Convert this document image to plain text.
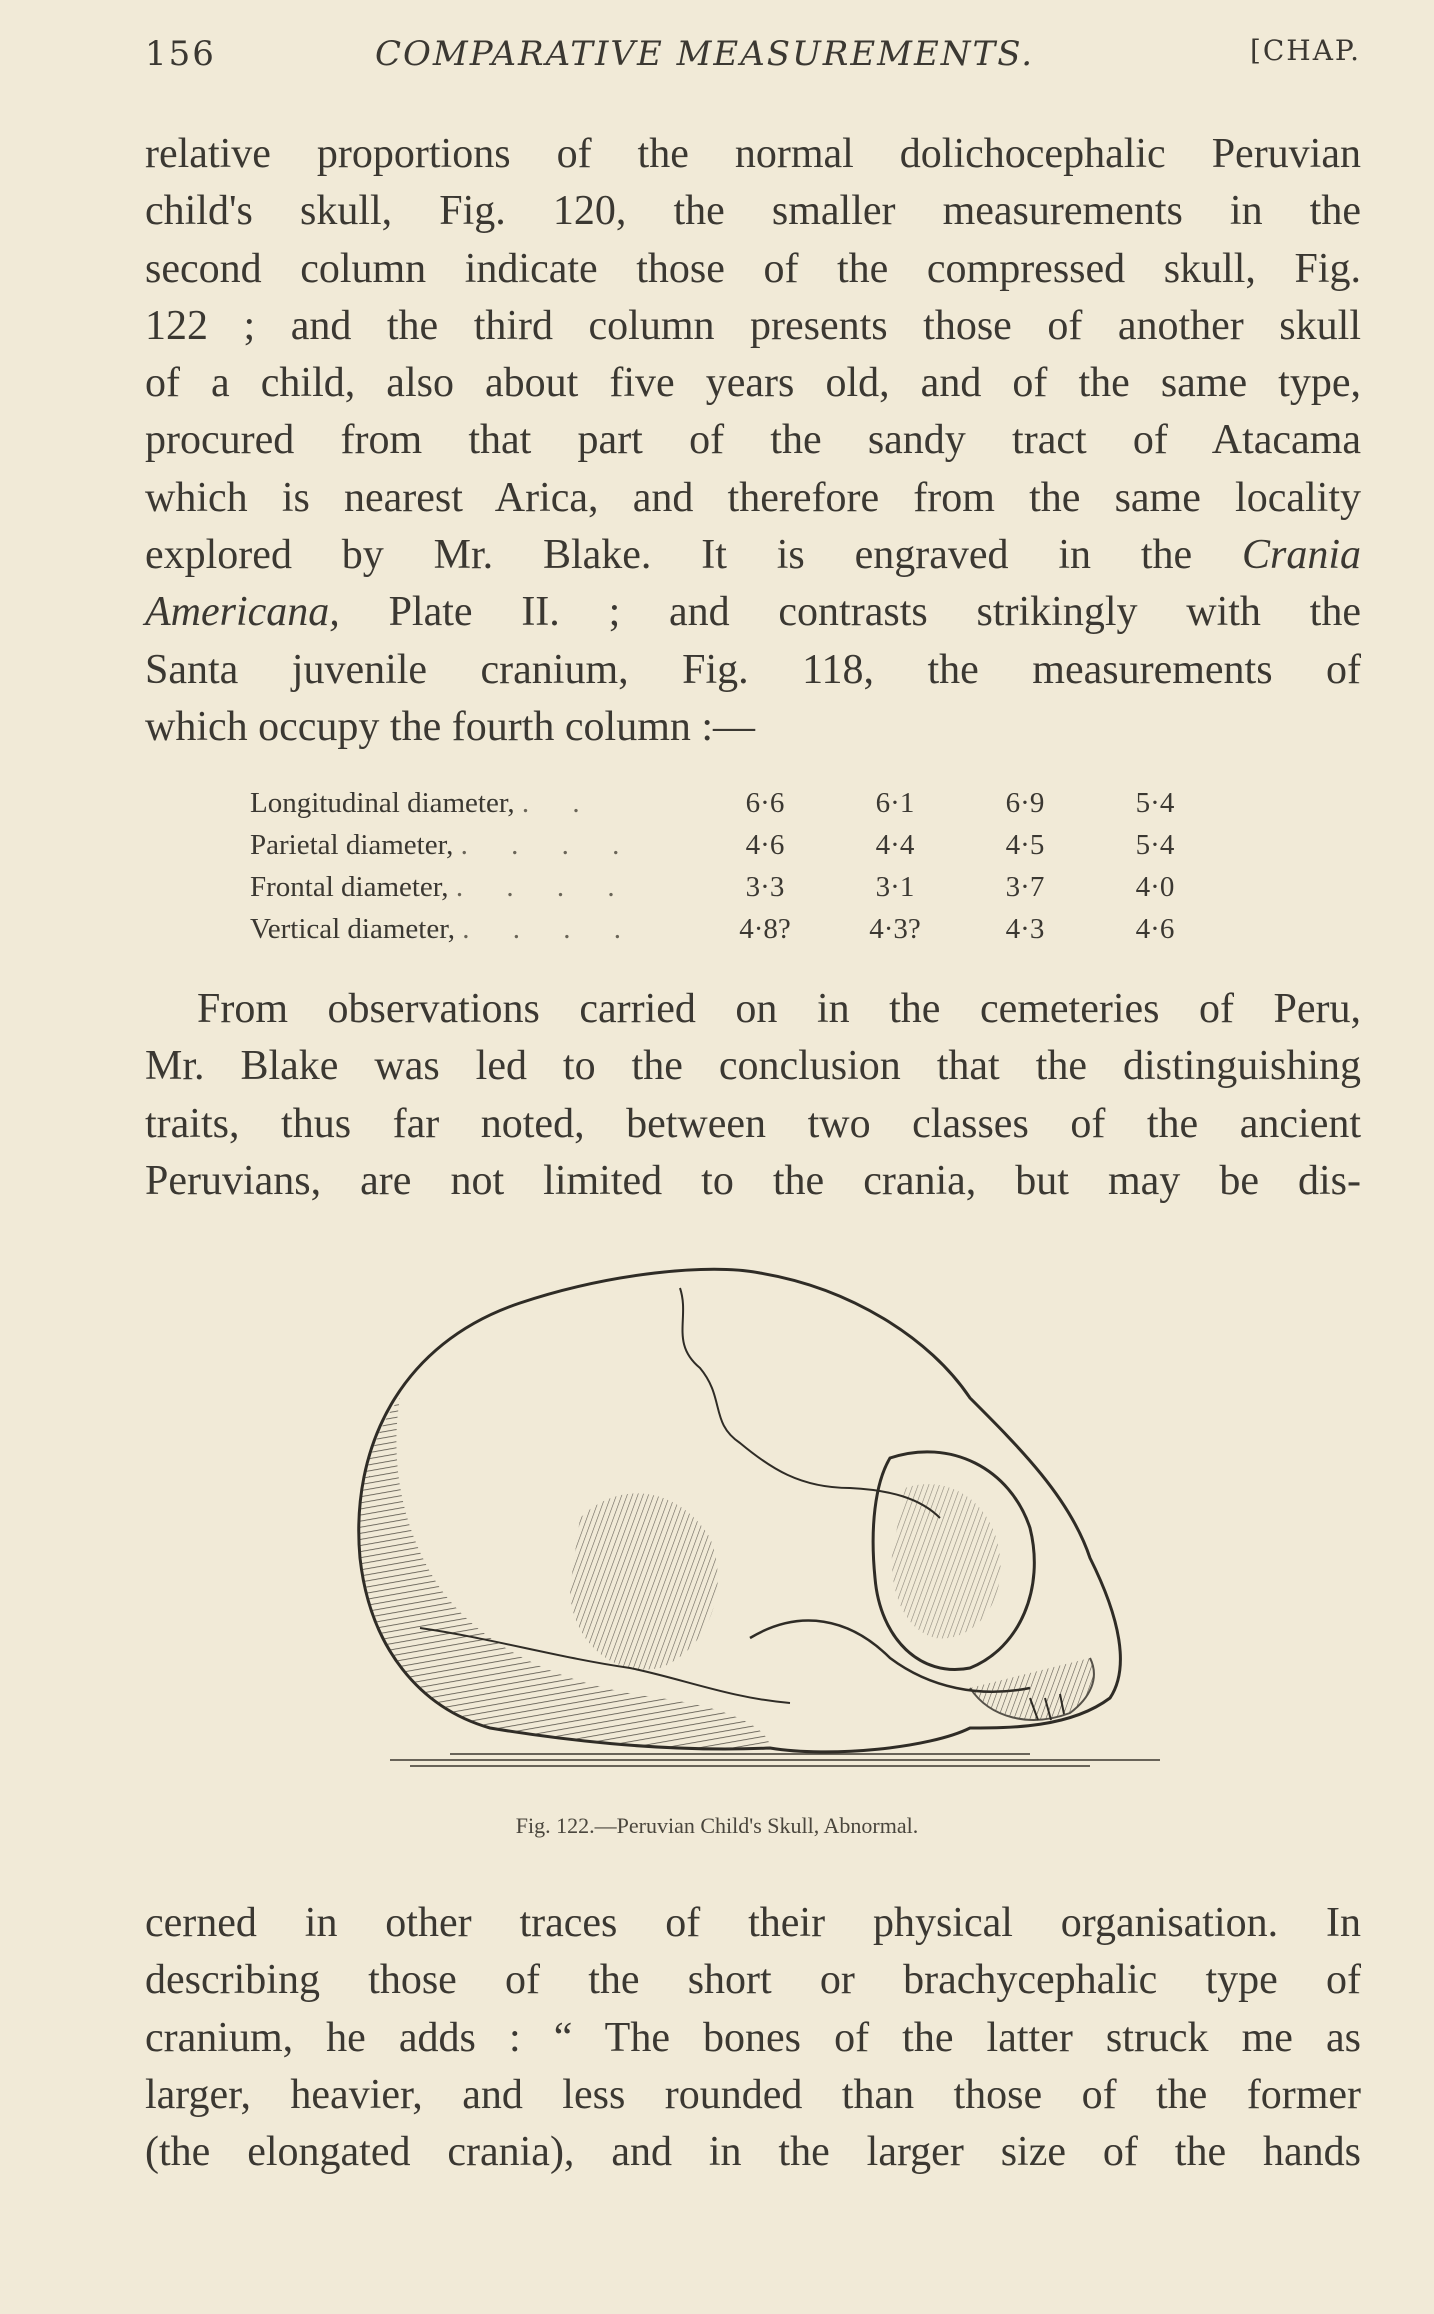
156	COMPARATIVE MEASUREMENTS.	[CHAP.
relative proportions of the normal dolichocephalic Peruvian
child's skull, Fig. 120, the smaller measurements in the
second column indicate those of the compressed skull, Fig.
122 ; and the third column presents those of another skull
of a child, also about five years old, and of the same type,
procured from that part of the sandy tract of Atacama
which is nearest Arica, and therefore from the same locality
explored by Mr. Blake. It is engraved in the Crania
Americana, Plate II. ; and contrasts strikingly with the
Santa juvenile cranium, Fig. 118, the measurements of
which occupy the fourth column :—
Longitudinal diameter, . .	6·6	6·1	6·9	5·4
Parietal diameter, . . . .	4·6	4·4	4·5	5·4
Frontal diameter, . . . .	3·3	3·1	3·7	4·0
Vertical diameter, . . . .	4·8?	4·3?	4·3	4·6
From observations carried on in the cemeteries of Peru,
Mr. Blake was led to the conclusion that the distinguishing
traits, thus far noted, between two classes of the ancient
Peruvians, are not limited to the crania, but may be dis-
Fig. 122.—Peruvian Child's Skull, Abnormal.
cerned in other traces of their physical organisation. In
describing those of the short or brachycephalic type of
cranium, he adds : “ The bones of the latter struck me as
larger, heavier, and less rounded than those of the former
(the elongated crania), and in the larger size of the hands
